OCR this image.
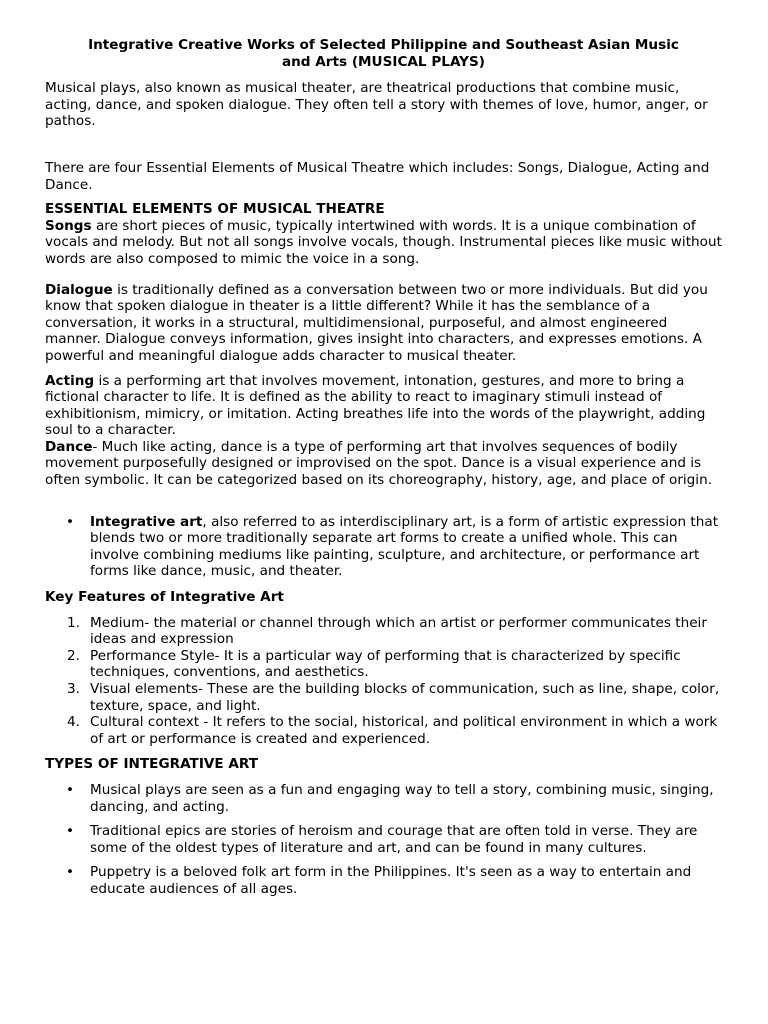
Integrative Creative Works of Selected Philippine and Southeast Asian Music
and Arts (MUSICAL PLAYS)

Musical plays, also known as musical theater, are theatrical productions that combine music, acting, dance, and spoken dialogue. They often tell a story with themes of love, humor, anger, or pathos.

There are four Essential Elements of Musical Theatre which includes: Songs, Dialogue, Acting and Dance.

ESSENTIAL ELEMENTS OF MUSICAL THEATRE

Songs are short pieces of music, typically intertwined with words. It is a unique combination of vocals and melody. But not all songs involve vocals, though. Instrumental pieces like music without words are also composed to mimic the voice in a song.

Dialogue is traditionally defined as a conversation between two or more individuals. But did you know that spoken dialogue in theater is a little different? While it has the semblance of a conversation, it works in a structural, multidimensional, purposeful, and almost engineered manner. Dialogue conveys information, gives insight into characters, and expresses emotions. A powerful and meaningful dialogue adds character to musical theater.

Acting is a performing art that involves movement, intonation, gestures, and more to bring a fictional character to life. It is defined as the ability to react to imaginary stimuli instead of exhibitionism, mimicry, or imitation. Acting breathes life into the words of the playwright, adding soul to a character.

Dance- Much like acting, dance is a type of performing art that involves sequences of bodily movement purposefully designed or improvised on the spot. Dance is a visual experience and is often symbolic. It can be categorized based on its choreography, history, age, and place of origin.

• Integrative art, also referred to as interdisciplinary art, is a form of artistic expression that blends two or more traditionally separate art forms to create a unified whole. This can involve combining mediums like painting, sculpture, and architecture, or performance art forms like dance, music, and theater.

Key Features of Integrative Art

1. Medium- the material or channel through which an artist or performer communicates their ideas and expression
2. Performance Style- It is a particular way of performing that is characterized by specific techniques, conventions, and aesthetics.
3. Visual elements- These are the building blocks of communication, such as line, shape, color, texture, space, and light.
4. Cultural context - It refers to the social, historical, and political environment in which a work of art or performance is created and experienced.

TYPES OF INTEGRATIVE ART

• Musical plays are seen as a fun and engaging way to tell a story, combining music, singing, dancing, and acting.
• Traditional epics are stories of heroism and courage that are often told in verse. They are some of the oldest types of literature and art, and can be found in many cultures.
• Puppetry is a beloved folk art form in the Philippines. It's seen as a way to entertain and educate audiences of all ages.
